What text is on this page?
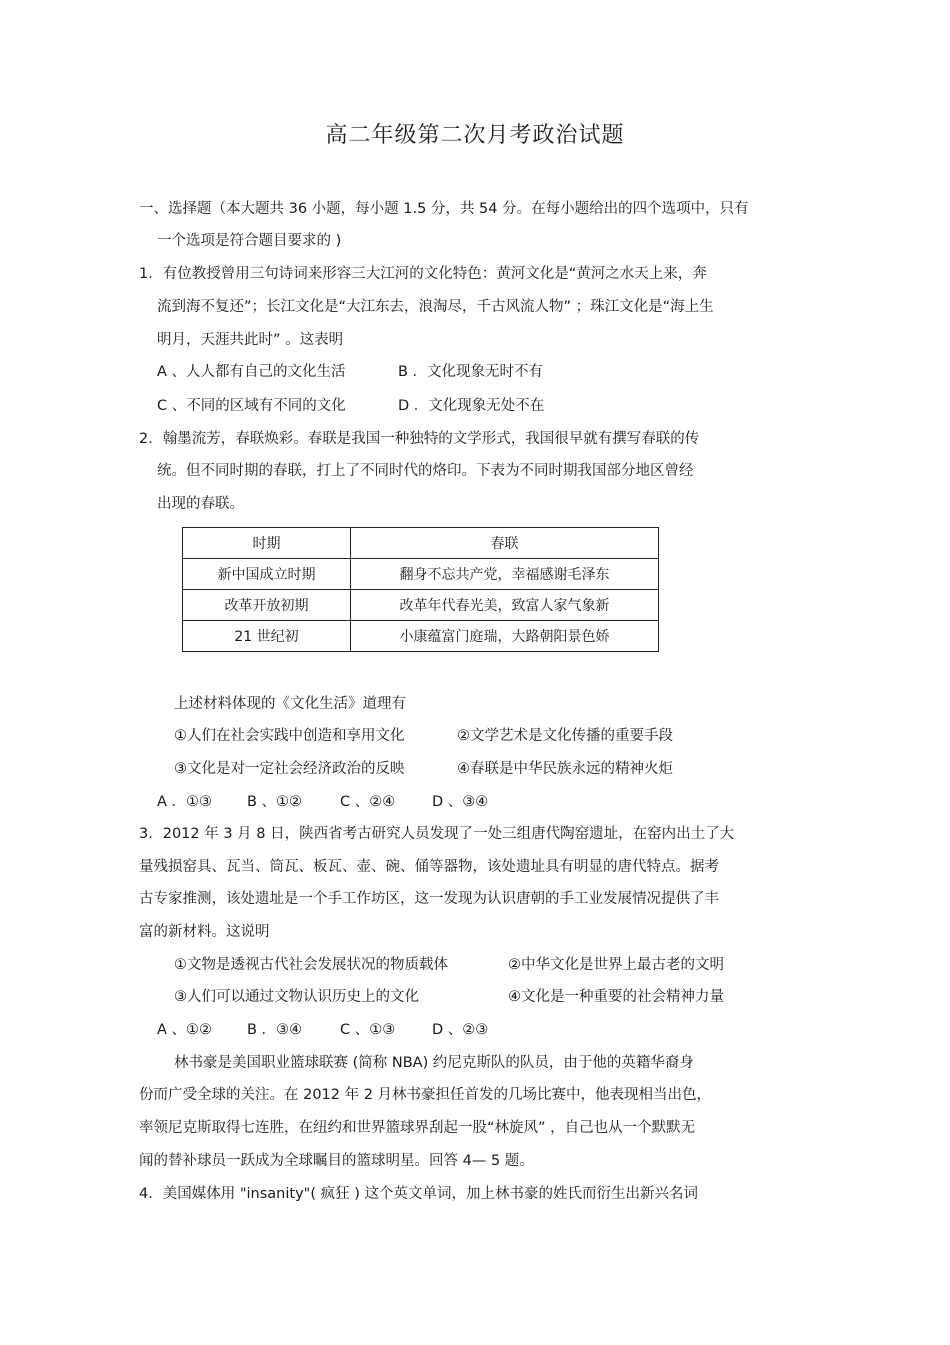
高二年级第二次月考政治试题
一、选择题（本大题共 36 小题，每小题 1.5 分，共 54 分。在每小题给出的四个选项中，只有
一个选项是符合题目要求的 )
1．有位教授曾用三句诗词来形容三大江河的文化特色：黄河文化是“黄河之水天上来，奔
流到海不复还”；长江文化是“大江东去，浪淘尽，千古风流人物” ；珠江文化是“海上生
明月，天涯共此时” 。这表明
A 、人人都有自己的文化生活	B ．文化现象无时不有
C 、不同的区域有不同的文化	D ．文化现象无处不在
2．翰墨流芳，春联焕彩。春联是我国一种独特的文学形式，我国很早就有撰写春联的传
统。但不同时期的春联，打上了不同时代的烙印。下表为不同时期我国部分地区曾经
出现的春联。
时期	春联
新中国成立时期	翻身不忘共产党，幸福感谢毛泽东
改革开放初期	改革年代春光美，致富人家气象新
21 世纪初	小康蕴富门庭瑞，大路朝阳景色娇
上述材料体现的《文化生活》道理有
①人们在社会实践中创造和享用文化	②文学艺术是文化传播的重要手段
③文化是对一定社会经济政治的反映	④春联是中华民族永远的精神火炬
A ．①③ B 、①②	C 、②④	D 、③④
3．2012 年 3 月 8 日，陕西省考古研究人员发现了一处三组唐代陶窑遗址，在窑内出土了大
量残损窑具、瓦当、筒瓦、板瓦、壶、碗、俑等器物，该处遗址具有明显的唐代特点。据考
古专家推测，该处遗址是一个手工作坊区，这一发现为认识唐朝的手工业发展情况提供了丰
富的新材料。这说明
①文物是透视古代社会发展状况的物质载体	②中华文化是世界上最古老的文明
③人们可以通过文物认识历史上的文化	④文化是一种重要的社会精神力量
A 、①② B ．③④	C 、①③	D 、②③
林书豪是美国职业篮球联赛 (简称 NBA) 约尼克斯队的队员，由于他的英籍华裔身
份而广受全球的关注。在 2012 年 2 月林书豪担任首发的几场比赛中，他表现相当出色，
率领尼克斯取得七连胜，在纽约和世界篮球界刮起一股“林旋风” ，自己也从一个默默无
闻的替补球员一跃成为全球瞩目的篮球明星。回答 4— 5 题。
4．美国媒体用 "insanity"( 疯狂 ) 这个英文单词，加上林书豪的姓氏而衍生出新兴名词
